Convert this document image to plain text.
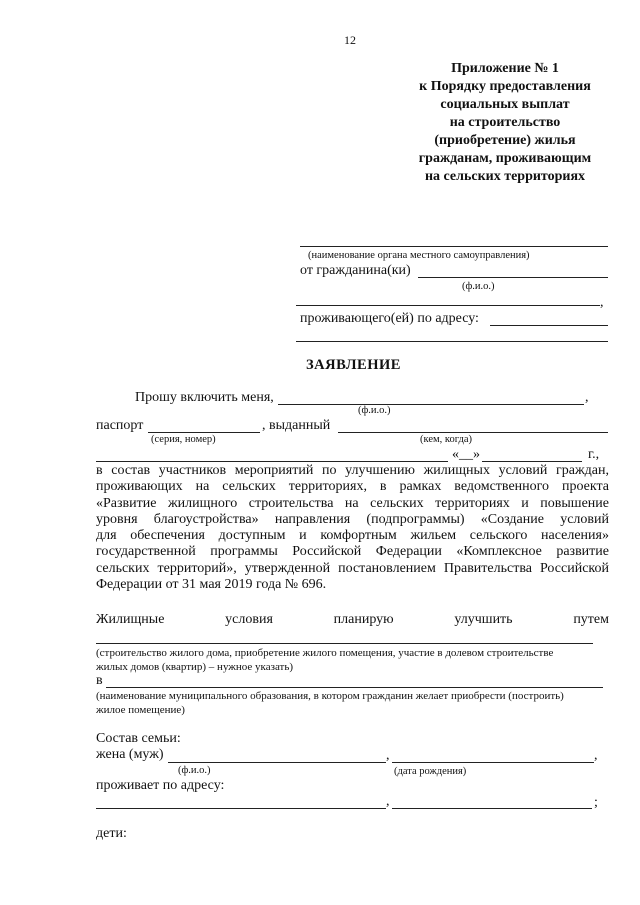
12
Приложение № 1
к Порядку предоставления
социальных выплат
на строительство
(приобретение) жилья
гражданам, проживающим
на сельских территориях
(наименование органа местного самоуправления)
от гражданина(ки)
(ф.и.о.)
,
проживающего(ей) по адресу:
ЗАЯВЛЕНИЕ
Прошу включить меня,	,
(ф.и.о.)
паспорт	, выданный
(серия, номер)	(кем, когда)
«__»	г.,
в состав участников мероприятий по улучшению жилищных условий граждан,
проживающих на сельских территориях, в рамках ведомственного проекта
«Развитие жилищного строительства на сельских территориях и повышение
уровня благоустройства» направления (подпрограммы) «Создание условий
для обеспечения доступным и комфортным жильем сельского населения»
государственной программы Российской Федерации «Комплексное развитие
сельских территорий», утвержденной постановлением Правительства Российской
Федерации от 31 мая 2019 года № 696.
Жилищные	условия	планирую	улучшить	путем
(строительство жилого дома, приобретение жилого помещения, участие в долевом строительстве
жилых домов (квартир) – нужное указать)
в
(наименование муниципального образования, в котором гражданин желает приобрести (построить)
жилое помещение)
Состав семьи:
жена (муж)	,	,
(ф.и.о.)	(дата рождения)
проживает по адресу:
,	;
дети:
